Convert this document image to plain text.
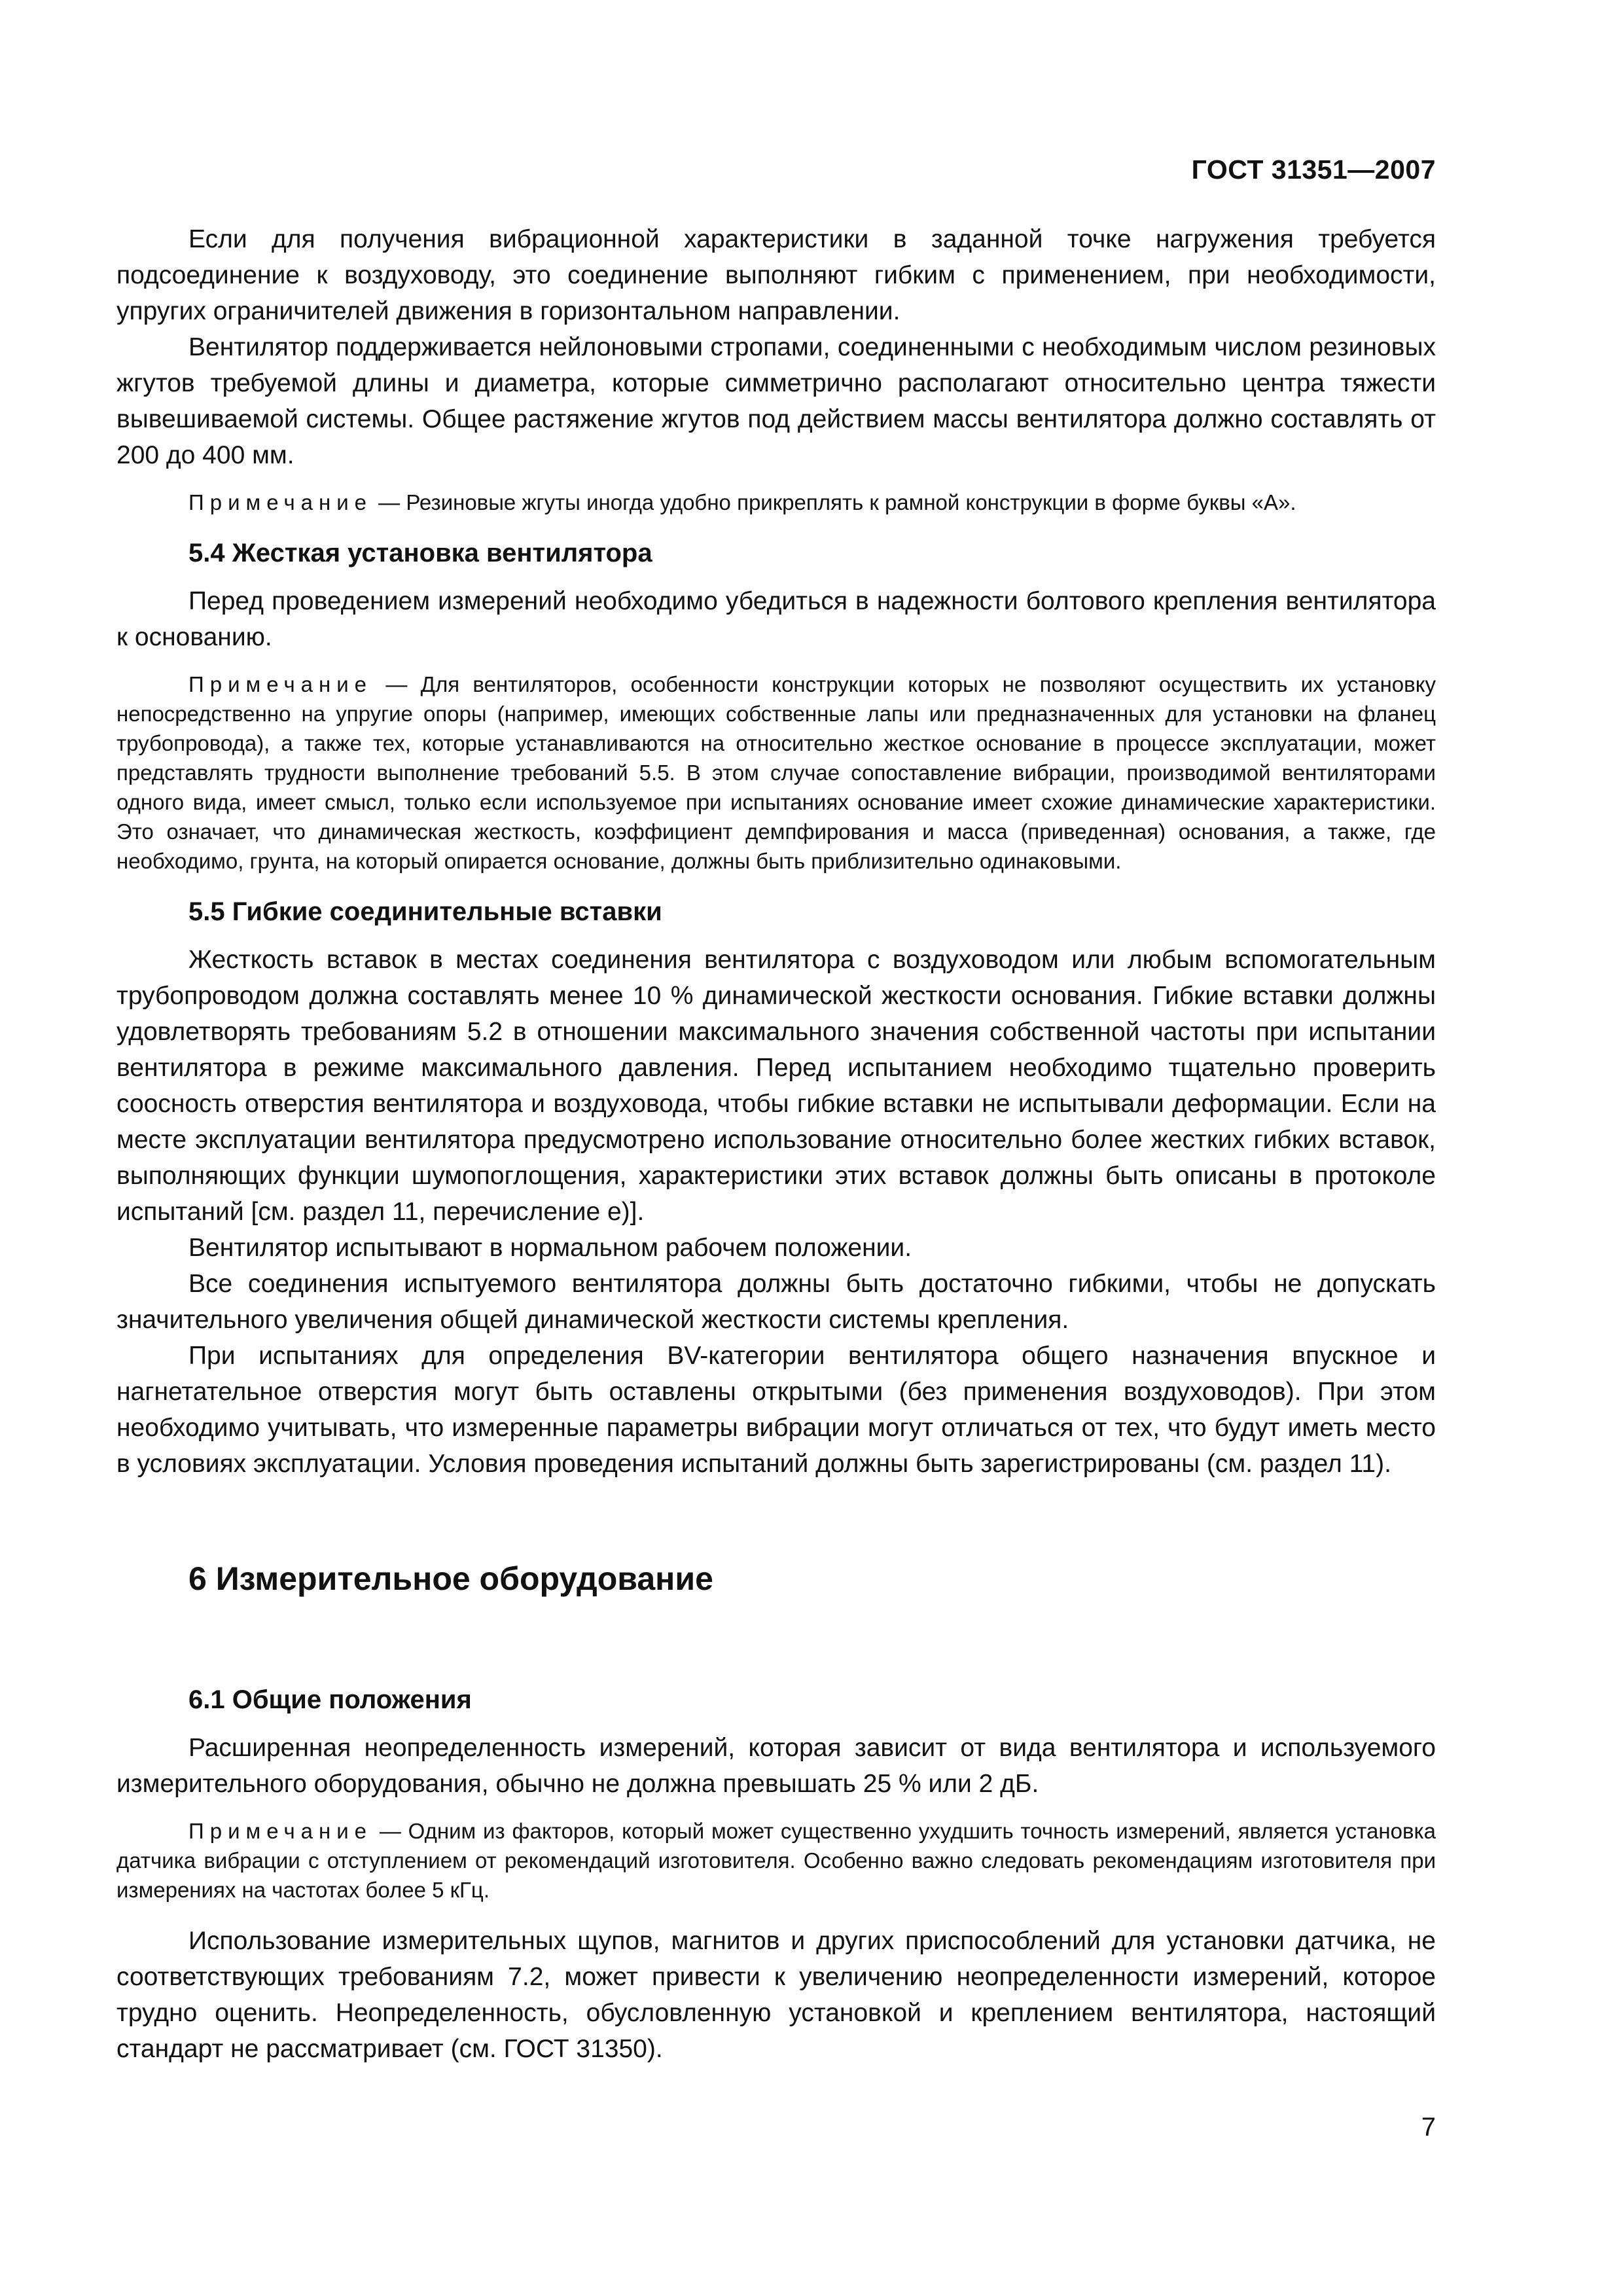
ГОСТ 31351—2007

Если для получения вибрационной характеристики в заданной точке нагружения требуется подсоединение к воздуховоду, это соединение выполняют гибким с применением, при необходимости, упругих ограничителей движения в горизонтальном направлении.

Вентилятор поддерживается нейлоновыми стропами, соединенными с необходимым числом резиновых жгутов требуемой длины и диаметра, которые симметрично располагают относительно центра тяжести вывешиваемой системы. Общее растяжение жгутов под действием массы вентилятора должно составлять от 200 до 400 мм.

Примечание — Резиновые жгуты иногда удобно прикреплять к рамной конструкции в форме буквы «А».

5.4 Жесткая установка вентилятора

Перед проведением измерений необходимо убедиться в надежности болтового крепления вентилятора к основанию.

Примечание — Для вентиляторов, особенности конструкции которых не позволяют осуществить их установку непосредственно на упругие опоры (например, имеющих собственные лапы или предназначенных для установки на фланец трубопровода), а также тех, которые устанавливаются на относительно жесткое основание в процессе эксплуатации, может представлять трудности выполнение требований 5.5. В этом случае сопоставление вибрации, производимой вентиляторами одного вида, имеет смысл, только если используемое при испытаниях основание имеет схожие динамические характеристики. Это означает, что динамическая жесткость, коэффициент демпфирования и масса (приведенная) основания, а также, где необходимо, грунта, на который опирается основание, должны быть приблизительно одинаковыми.

5.5 Гибкие соединительные вставки

Жесткость вставок в местах соединения вентилятора с воздуховодом или любым вспомогательным трубопроводом должна составлять менее 10 % динамической жесткости основания. Гибкие вставки должны удовлетворять требованиям 5.2 в отношении максимального значения собственной частоты при испытании вентилятора в режиме максимального давления. Перед испытанием необходимо тщательно проверить соосность отверстия вентилятора и воздуховода, чтобы гибкие вставки не испытывали деформации. Если на месте эксплуатации вентилятора предусмотрено использование относительно более жестких гибких вставок, выполняющих функции шумопоглощения, характеристики этих вставок должны быть описаны в протоколе испытаний [см. раздел 11, перечисление е)].

Вентилятор испытывают в нормальном рабочем положении.

Все соединения испытуемого вентилятора должны быть достаточно гибкими, чтобы не допускать значительного увеличения общей динамической жесткости системы крепления.

При испытаниях для определения BV-категории вентилятора общего назначения впускное и нагнетательное отверстия могут быть оставлены открытыми (без применения воздуховодов). При этом необходимо учитывать, что измеренные параметры вибрации могут отличаться от тех, что будут иметь место в условиях эксплуатации. Условия проведения испытаний должны быть зарегистрированы (см. раздел 11).

6 Измерительное оборудование
6.1 Общие положения

Расширенная неопределенность измерений, которая зависит от вида вентилятора и используемого измерительного оборудования, обычно не должна превышать 25 % или 2 дБ.

Примечание — Одним из факторов, который может существенно ухудшить точность измерений, является установка датчика вибрации с отступлением от рекомендаций изготовителя. Особенно важно следовать рекомендациям изготовителя при измерениях на частотах более 5 кГц.

Использование измерительных щупов, магнитов и других приспособлений для установки датчика, не соответствующих требованиям 7.2, может привести к увеличению неопределенности измерений, которое трудно оценить. Неопределенность, обусловленную установкой и креплением вентилятора, настоящий стандарт не рассматривает (см. ГОСТ 31350).

7
